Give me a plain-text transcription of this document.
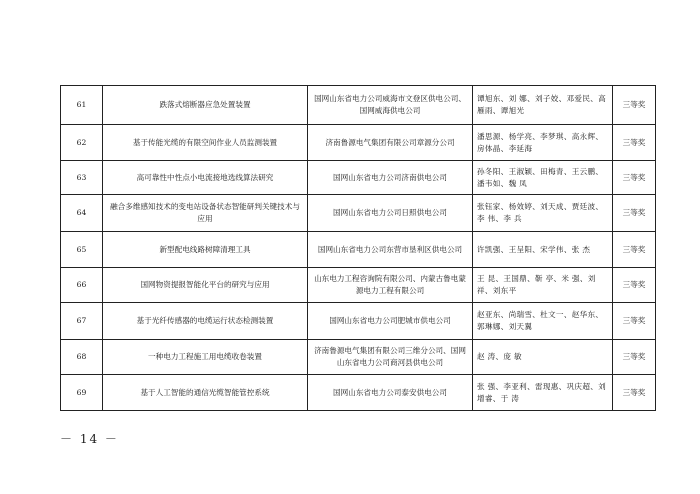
61	跌落式熔断器应急处置装置	国网山东省电力公司威海市文登区供电公司、国网威海供电公司	谭旭东、刘 娜、刘子姣、邓爱民、高雁雨、谭旭光	三等奖
62	基于传能光缆的有限空间作业人员监测装置	济南鲁源电气集团有限公司章源分公司	潘思源、杨学亮、李梦琪、高永辉、房体晶、李延海	三等奖
63	高可靠性中性点小电流接地选线算法研究	国网山东省电力公司济南供电公司	孙冬阳、王淑颖、田梅青、王云鹏、潘韦如、魏 凤	三等奖
64	融合多维感知技术的变电站设备状态智能研判关键技术与应用	国网山东省电力公司日照供电公司	张钰家、杨效婷、刘天成、贾廷波、李 伟、李 兵	三等奖
65	新型配电线路树障清理工具	国网山东省电力公司东营市垦利区供电公司	许凯强、王呈阳、宋学伟、张 杰	三等奖
66	国网物资提报智能化平台的研究与应用	山东电力工程咨询院有限公司、内蒙古鲁电蒙源电力工程有限公司	王 昆、王国鼎、靳 亭、米 强、刘 祥、刘东平	三等奖
67	基于光纤传感器的电缆运行状态检测装置	国网山东省电力公司肥城市供电公司	赵亚东、尚瑞雪、杜文一、赵华东、郭琳娜、刘天翼	三等奖
68	一种电力工程施工用电缆收卷装置	济南鲁源电气集团有限公司三维分公司、国网山东省电力公司商河县供电公司	赵 涛、庞 敏	三等奖
69	基于人工智能的通信光缆智能管控系统	国网山东省电力公司泰安供电公司	张 强、李亚利、雷现惠、巩庆超、刘增睿、于 涛	三等奖
－ 14 －
